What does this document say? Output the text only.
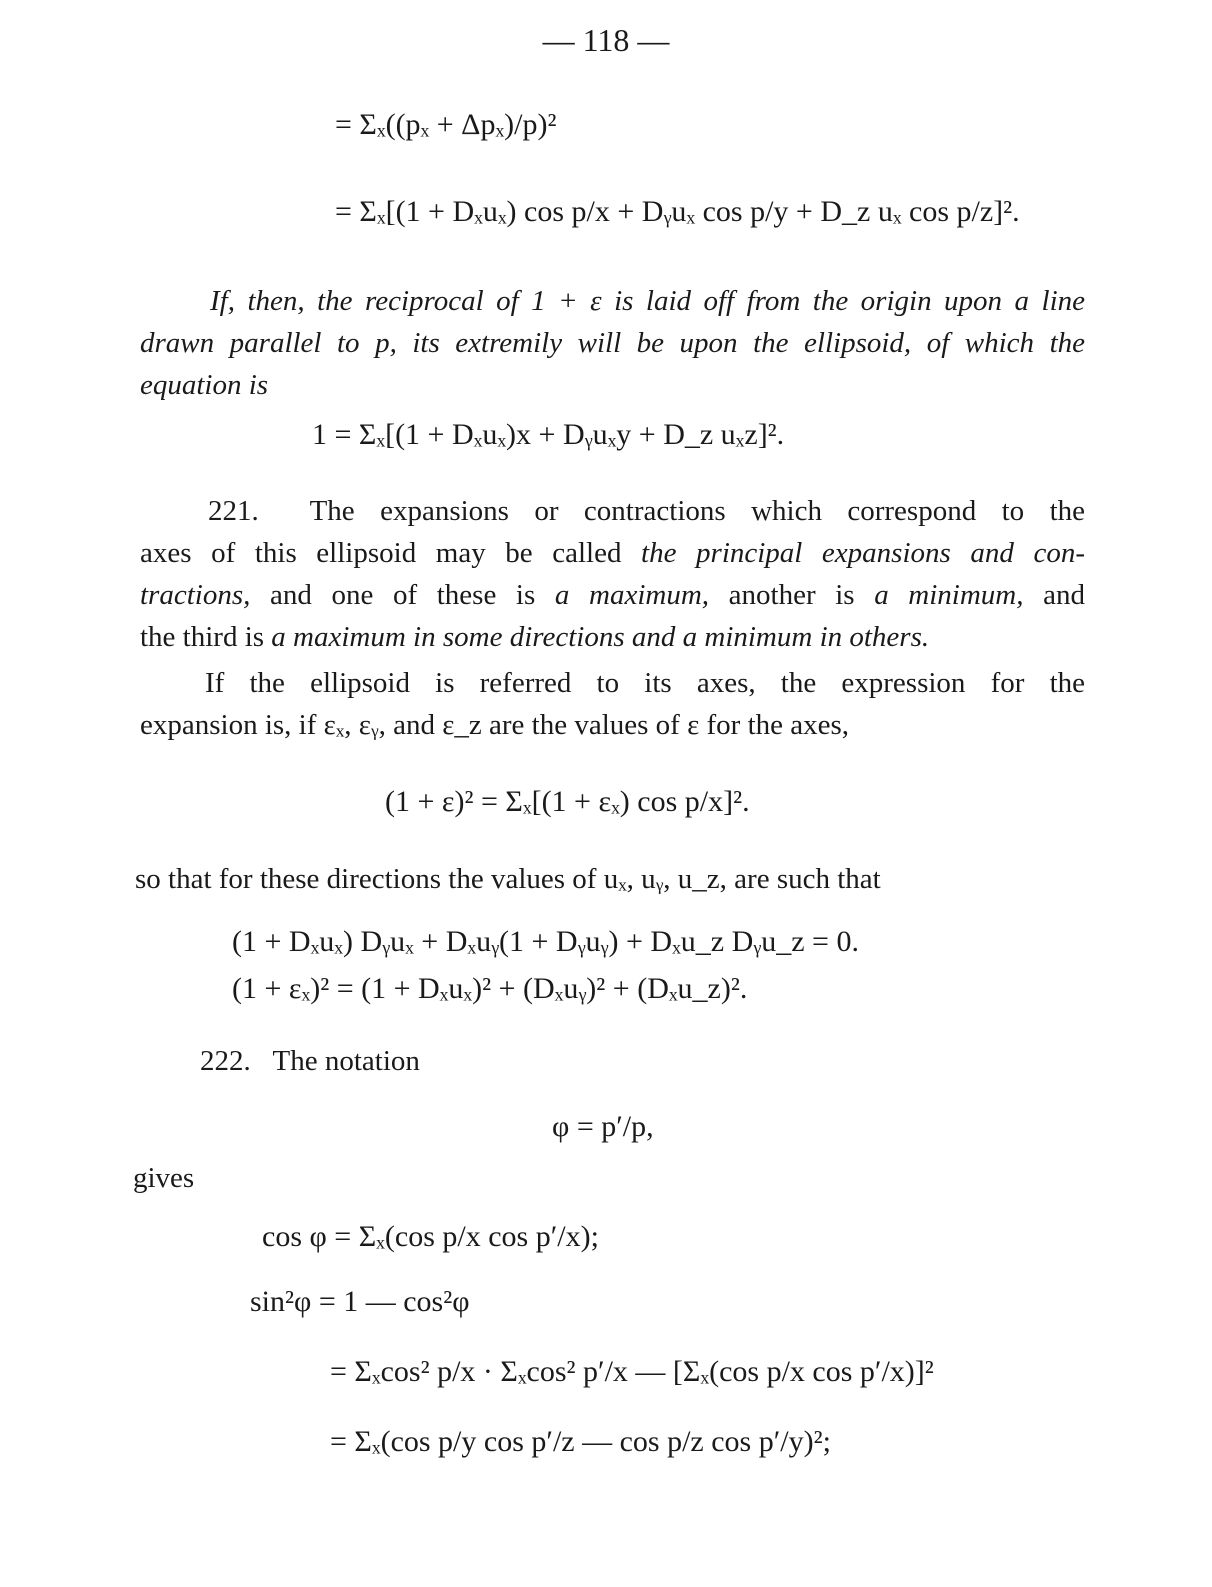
— 118 —
= Σₓ((pₓ + Δpₓ)/p)²
= Σₓ[(1 + Dₓuₓ) cos p/x + Dᵧuₓ cos p/y + D_z uₓ cos p/z]².
If, then, the reciprocal of 1 + ε is laid off from the origin upon a line
drawn parallel to p, its extremily will be upon the ellipsoid, of which the
equation is
1 = Σₓ[(1 + Dₓuₓ)x + Dᵧuₓy + D_z uₓz]².
221. The expansions or contractions which correspond to the
axes of this ellipsoid may be called the principal expansions and con-
tractions, and one of these is a maximum, another is a minimum, and
the third is a maximum in some directions and a minimum in others.
If the ellipsoid is referred to its axes, the expression for the
expansion is, if εₓ, εᵧ, and ε_z are the values of ε for the axes,
(1 + ε)² = Σₓ[(1 + εₓ) cos p/x]².
so that for these directions the values of uₓ, uᵧ, u_z, are such that
(1 + Dₓuₓ) Dᵧuₓ + Dₓuᵧ(1 + Dᵧuᵧ) + Dₓu_z Dᵧu_z = 0.
(1 + εₓ)² = (1 + Dₓuₓ)² + (Dₓuᵧ)² + (Dₓu_z)².
222. The notation
φ = p′/p,
gives
cos φ = Σₓ(cos p/x cos p′/x);
sin²φ = 1 — cos²φ
= Σₓcos² p/x · Σₓcos² p′/x — [Σₓ(cos p/x cos p′/x)]²
= Σₓ(cos p/y cos p′/z — cos p/z cos p′/y)²;
